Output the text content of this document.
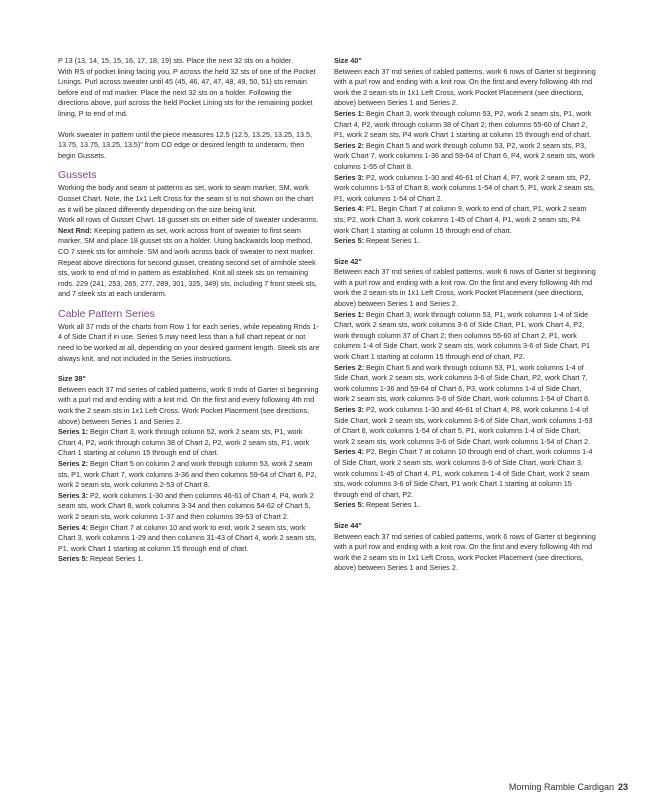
P 13 (13, 14, 15, 15, 16, 17, 18, 19) sts. Place the next 32 sts on a holder.

With RS of pocket lining facing you, P across the held 32 sts of one of the Pocket Linings. Purl across sweater until 45 (45, 46, 47, 47, 48, 49, 50, 51) sts remain before end of rnd marker. Place the next 32 sts on a holder. Following the directions above, purl across the held Pocket Lining sts for the remaining pocket lining, P to end of rnd.

Work sweater in pattern until the piece measures 12.5 (12.5, 13.25, 13.25, 13.5, 13.75, 13.75, 13.25, 13.5)" from CO edge or desired length to underarm, then begin Gussets.

Gussets

Working the body and seam st patterns as set, work to seam marker, SM, work Gusset Chart. Note, the 1x1 Left Cross for the seam st is not shown on the chart as it will be placed differently depending on the size being knit.

Work all rows of Gusset Chart. 18 gusset sts on either side of sweater underarms.

Next Rnd: Keeping pattern as set, work across front of sweater to first seam marker, SM and place 18 gusset sts on a holder. Using backwards loop method, CO 7 steek sts for armhole. SM and work across back of sweater to next marker. Repeat above directions for second gusset, creating second set of armhole steek sts, work to end of rnd in pattern as established. Knit all steek sts on remaining rnds. 229 (241, 253, 265, 277, 289, 301, 325, 349) sts, including 7 front steek sts, and 7 steek sts at each underarm.

Cable Pattern Series

Work all 37 rnds of the charts from Row 1 for each series, while repeating Rnds 1-4 of Side Chart if in use. Series 5 may need less than a full chart repeat or not need to be worked at all, depending on your desired garment length. Steek sts are always knit, and not included in the Series instructions.

Size 38"

Between each 37 rnd series of cabled patterns, work 6 rnds of Garter st beginning with a purl rnd and ending with a knit rnd. On the first and every following 4th rnd work the 2 seam sts in 1x1 Left Cross. Work Pocket Placement (see directions, above) between Series 1 and Series 2.

Series 1: Begin Chart 3, work through column 52, work 2 seam sts, P1, work Chart 4, P2, work through column 38 of Chart 2, P2, work 2 seam sts, P1, work Chart 1 starting at column 15 through end of chart.

Series 2: Begin Chart 5 on column 2 and work through column 53, work 2 seam sts, P1, work Chart 7, work columns 3-36 and then columns 59-64 of Chart 6, P2, work 2 seam sts, work columns 2-53 of Chart 8.

Series 3: P2, work columns 1-30 and then columns 46-61 of Chart 4, P4, work 2 seam sts, work Chart 8, work columns 3-34 and then columns 54-62 of Chart 5, work 2 seam sts, work columns 1-37 and then columns 39-53 of Chart 2.

Series 4: Begin Chart 7 at column 10 and work to end, work 2 seam sts, work Chart 3, work columns 1-29 and then columns 31-43 of Chart 4, work 2 seam sts, P1, work Chart 1 starting at column 15 through end of chart.

Series 5: Repeat Series 1.

Size 40"

Between each 37 rnd series of cabled patterns, work 6 rows of Garter st beginning with a purl row and ending with a knit row. On the first and every following 4th rnd work the 2 seam sts in 1x1 Left Cross, work Pocket Placement (see directions, above) between Series 1 and Series 2.

Series 1: Begin Chart 3, work through column 53, P2, work 2 seam sts, P1, work Chart 4, P2, work through column 38 of Chart 2; then columns 55-60 of Chart 2, P1, work 2 seam sts, P4 work Chart 1 starting at column 15 through end of chart.

Series 2: Begin Chart 5 and work through column 53, P2, work 2 seam sts, P3, work Chart 7, work columns 1-36 and 59-64 of Chart 6, P4, work 2 seam sts, work columns 1-55 of Chart 8.

Series 3: P2, work columns 1-30 and 46-61 of Chart 4, P7, work 2 seam sts, P2, work columns 1-53 of Chart 8, work columns 1-54 of chart 5, P1, work 2 seam sts, P1, work columns 1-54 of Chart 2.

Series 4: P1, Begin Chart 7 at column 9, work to end of chart, P1, work 2 seam sts, P2, work Chart 3, work columns 1-45 of Chart 4, P1, work 2 seam sts, P4 work Chart 1 starting at column 15 through end of chart.

Series 5: Repeat Series 1.

Size 42"

Between each 37 rnd series of cabled patterns, work 6 rows of Garter st beginning with a purl row and ending with a knit row. On the first and every following 4th rnd work the 2 seam sts in 1x1 Left Cross, work Pocket Placement (see directions, above) between Series 1 and Series 2.

Series 1: Begin Chart 3, work through column 53, P1, work columns 1-4 of Side Chart, work 2 seam sts, work columns 3-6 of Side Chart, P1, work Chart 4, P2, work through column 37 of Chart 2; then columns 55-60 of Chart 2, P1, work columns 1-4 of Side Chart, work 2 seam sts, work columns 3-6 of Side Chart, P1 work Chart 1 starting at column 15 through end of chart, P2.

Series 2: Begin Chart 5 and work through column 53, P1, work columns 1-4 of Side Chart, work 2 seam sts, work columns 3-6 of Side Chart, P2, work Chart 7, work columns 1-36 and 59-64 of Chart 6, P3, work columns 1-4 of Side Chart, work 2 seam sts, work columns 3-6 of Side Chart, work columns 1-54 of Chart 8.

Series 3: P2, work columns 1-30 and 46-61 of Chart 4, P8, work columns 1-4 of Side Chart, work 2 seam sts, work columns 3-6 of Side Chart, work columns 1-53 of Chart 8, work columns 1-54 of chart 5, P1, work columns 1-4 of Side Chart, work 2 seam sts, work columns 3-6 of Side Chart, work columns 1-54 of Chart 2.

Series 4: P2, Begin Chart 7 at column 10 through end of chart, work columns 1-4 of Side Chart, work 2 seam sts, work columns 3-6 of Side Chart, work Chart 3, work columns 1-45 of Chart 4, P1, work columns 1-4 of Side Chart, work 2 seam sts, work columns 3-6 of Side Chart, P1 work Chart 1 starting at column 15 through end of chart, P2.

Series 5: Repeat Series 1.

Size 44"

Between each 37 rnd series of cabled patterns, work 6 rows of Garter st beginning with a purl row and ending with a knit row. On the first and every following 4th rnd work the 2 seam sts in 1x1 Left Cross, work Pocket Placement (see directions, above) between Series 1 and Series 2.

Morning Ramble Cardigan 23
